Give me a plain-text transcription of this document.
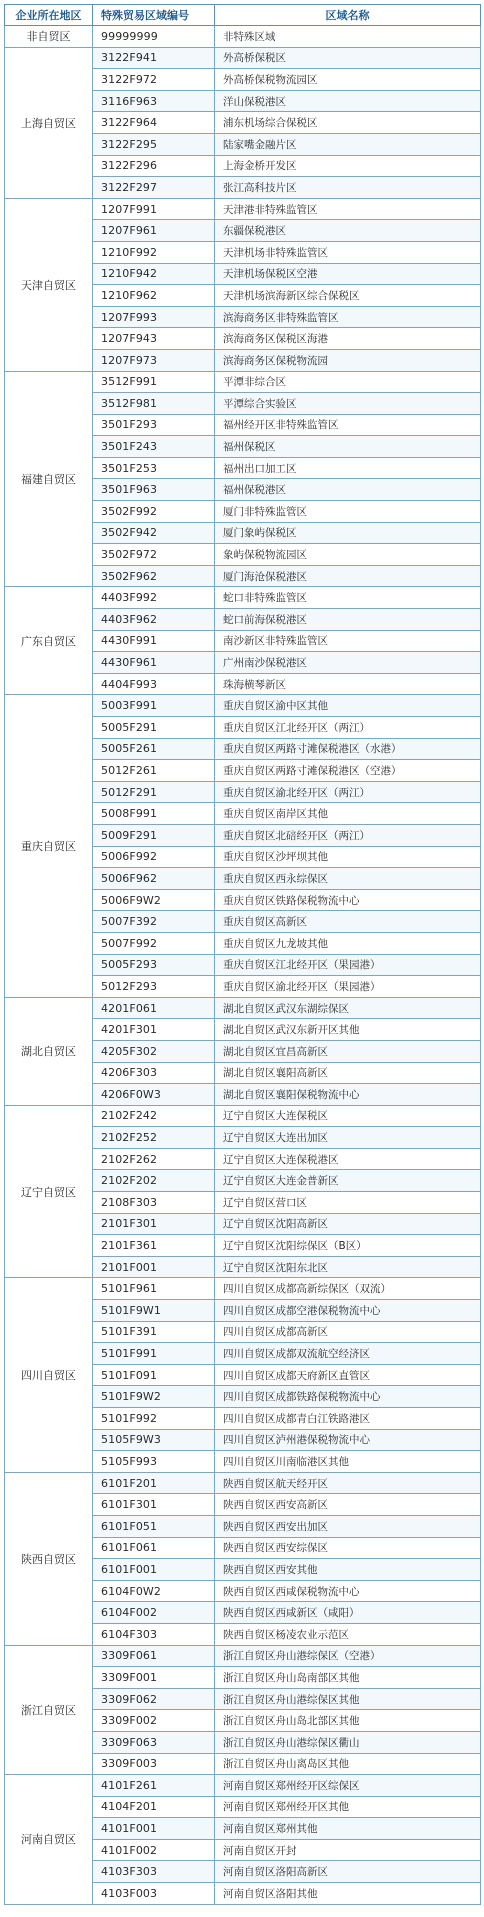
企业所在地区	特殊贸易区域编号	区域名称
非自贸区	99999999	非特殊区域
上海自贸区	3122F941	外高桥保税区
	3122F972	外高桥保税物流园区
	3116F963	洋山保税港区
	3122F964	浦东机场综合保税区
	3122F295	陆家嘴金融片区
	3122F296	上海金桥开发区
	3122F297	张江高科技片区
天津自贸区	1207F991	天津港非特殊监管区
	1207F961	东疆保税港区
	1210F992	天津机场非特殊监管区
	1210F942	天津机场保税区空港
	1210F962	天津机场滨海新区综合保税区
	1207F993	滨海商务区非特殊监管区
	1207F943	滨海商务区保税区海港
	1207F973	滨海商务区保税物流园
福建自贸区	3512F991	平潭非综合区
	3512F981	平潭综合实验区
	3501F293	福州经开区非特殊监管区
	3501F243	福州保税区
	3501F253	福州出口加工区
	3501F963	福州保税港区
	3502F992	厦门非特殊监管区
	3502F942	厦门象屿保税区
	3502F972	象屿保税物流园区
	3502F962	厦门海沧保税港区
广东自贸区	4403F992	蛇口非特殊监管区
	4403F962	蛇口前海保税港区
	4430F991	南沙新区非特殊监管区
	4430F961	广州南沙保税港区
	4404F993	珠海横琴新区
重庆自贸区	5003F991	重庆自贸区渝中区其他
	5005F291	重庆自贸区江北经开区（两江）
	5005F261	重庆自贸区两路寸滩保税港区（水港）
	5012F261	重庆自贸区两路寸滩保税港区（空港）
	5012F291	重庆自贸区渝北经开区（两江）
	5008F991	重庆自贸区南岸区其他
	5009F291	重庆自贸区北碚经开区（两江）
	5006F992	重庆自贸区沙坪坝其他
	5006F962	重庆自贸区西永综保区
	5006F9W2	重庆自贸区铁路保税物流中心
	5007F392	重庆自贸区高新区
	5007F992	重庆自贸区九龙坡其他
	5005F293	重庆自贸区江北经开区（果园港）
	5012F293	重庆自贸区渝北经开区（果园港）
湖北自贸区	4201F061	湖北自贸区武汉东湖综保区
	4201F301	湖北自贸区武汉东新开区其他
	4205F302	湖北自贸区宜昌高新区
	4206F303	湖北自贸区襄阳高新区
	4206F0W3	湖北自贸区襄阳保税物流中心
辽宁自贸区	2102F242	辽宁自贸区大连保税区
	2102F252	辽宁自贸区大连出加区
	2102F262	辽宁自贸区大连保税港区
	2102F202	辽宁自贸区大连金普新区
	2108F303	辽宁自贸区营口区
	2101F301	辽宁自贸区沈阳高新区
	2101F361	辽宁自贸区沈阳综保区（B区）
	2101F001	辽宁自贸区沈阳东北区
四川自贸区	5101F961	四川自贸区成都高新综保区（双流）
	5101F9W1	四川自贸区成都空港保税物流中心
	5101F391	四川自贸区成都高新区
	5101F991	四川自贸区成都双流航空经济区
	5101F091	四川自贸区成都天府新区直管区
	5101F9W2	四川自贸区成都铁路保税物流中心
	5101F992	四川自贸区成都青白江铁路港区
	5105F9W3	四川自贸区泸州港保税物流中心
	5105F993	四川自贸区川南临港区其他
陕西自贸区	6101F201	陕西自贸区航天经开区
	6101F301	陕西自贸区西安高新区
	6101F051	陕西自贸区西安出加区
	6101F061	陕西自贸区西安综保区
	6101F001	陕西自贸区西安其他
	6104F0W2	陕西自贸区西咸保税物流中心
	6104F002	陕西自贸区西咸新区（咸阳）
	6104F303	陕西自贸区杨凌农业示范区
浙江自贸区	3309F061	浙江自贸区舟山港综保区（空港）
	3309F001	浙江自贸区舟山岛南部区其他
	3309F062	浙江自贸区舟山港综保区其他
	3309F002	浙江自贸区舟山岛北部区其他
	3309F063	浙江自贸区舟山港综保区衢山
	3309F003	浙江自贸区舟山离岛区其他
河南自贸区	4101F261	河南自贸区郑州经开区综保区
	4104F201	河南自贸区郑州经开区其他
	4101F001	河南自贸区郑州其他
	4101F002	河南自贸区开封
	4103F303	河南自贸区洛阳高新区
	4103F003	河南自贸区洛阳其他
